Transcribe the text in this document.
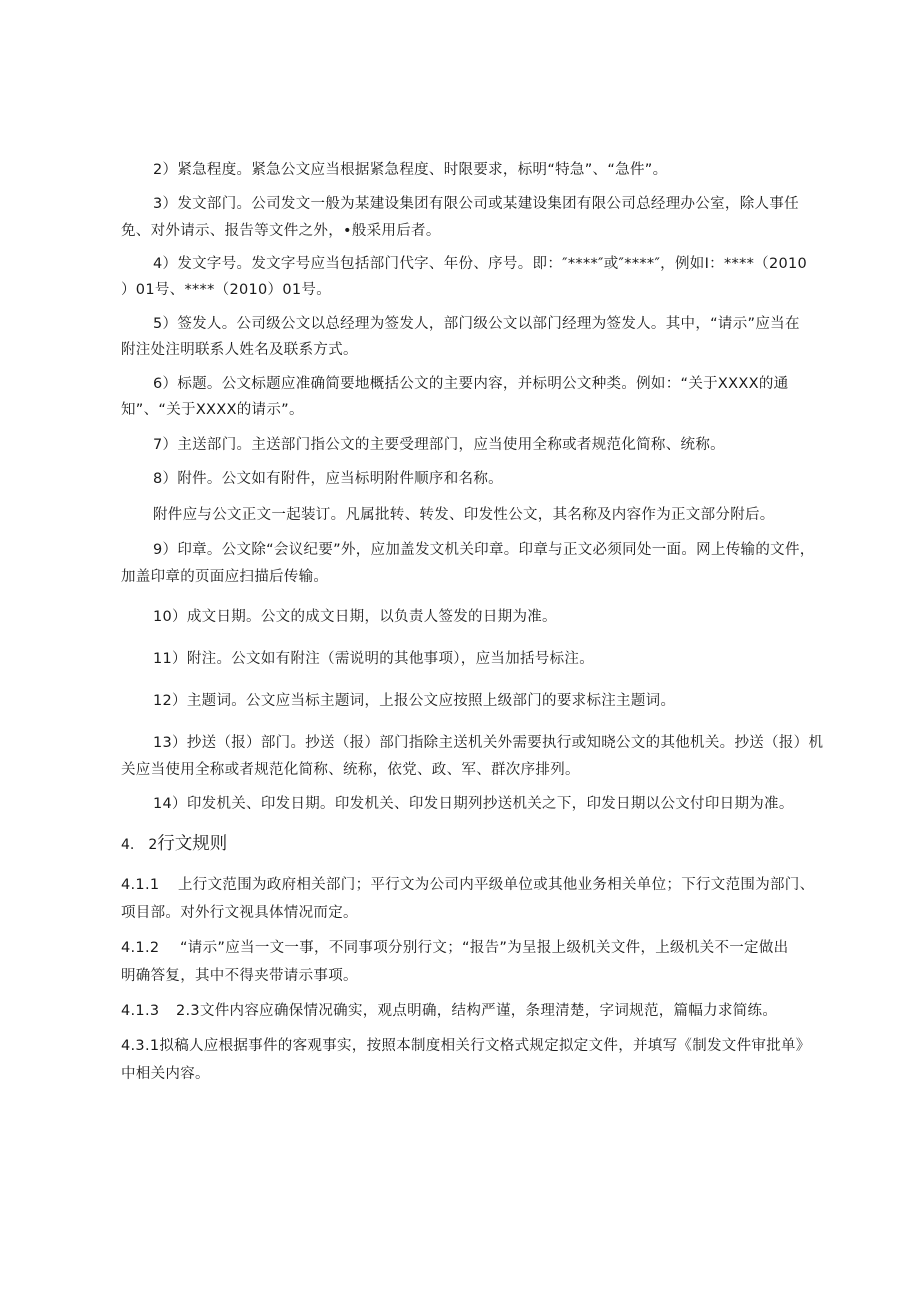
2）紧急程度。紧急公文应当根据紧急程度、时限要求，标明“特急”、“急件”。
3）发文部门。公司发文一般为某建设集团有限公司或某建设集团有限公司总经理办公室，除人事任
免、对外请示、报告等文件之外，•般采用后者。
4）发文字号。发文字号应当包括部门代字、年份、序号。即：″****″或″****″，例如I：****（2010
）01号、****（2010）01号。
5）签发人。公司级公文以总经理为签发人，部门级公文以部门经理为签发人。其中，“请示”应当在
附注处注明联系人姓名及联系方式。
6）标题。公文标题应准确简要地概括公文的主要内容，并标明公文种类。例如：“关于XXXX的通
知”、“关于XXXX的请示”。
7）主送部门。主送部门指公文的主要受理部门，应当使用全称或者规范化简称、统称。
8）附件。公文如有附件，应当标明附件顺序和名称。
附件应与公文正文一起装订。凡属批转、转发、印发性公文，其名称及内容作为正文部分附后。
9）印章。公文除“会议纪要”外，应加盖发文机关印章。印章与正文必须同处一面。网上传输的文件，
加盖印章的页面应扫描后传输。
10）成文日期。公文的成文日期，以负责人签发的日期为准。
11）附注。公文如有附注（需说明的其他事项），应当加括号标注。
12）主题词。公文应当标主题词，上报公文应按照上级部门的要求标注主题词。
13）抄送（报）部门。抄送（报）部门指除主送机关外需要执行或知晓公文的其他机关。抄送（报）机
关应当使用全称或者规范化简称、统称，依党、政、军、群次序排列。
14）印发机关、印发日期。印发机关、印发日期列抄送机关之下，印发日期以公文付印日期为准。
4.　2行文规则
4.1.1 上行文范围为政府相关部门；平行文为公司内平级单位或其他业务相关单位；下行文范围为部门、
项目部。对外行文视具体情况而定。
4.1.2 “请示”应当一文一事，不同事项分别行文；“报告”为呈报上级机关文件，上级机关不一定做出
明确答复，其中不得夹带请示事项。
4.1.3 2.3文件内容应确保情况确实，观点明确，结构严谨，条理清楚，字词规范，篇幅力求简练。
4.3.1拟稿人应根据事件的客观事实，按照本制度相关行文格式规定拟定文件，并填写《制发文件审批单》
中相关内容。
